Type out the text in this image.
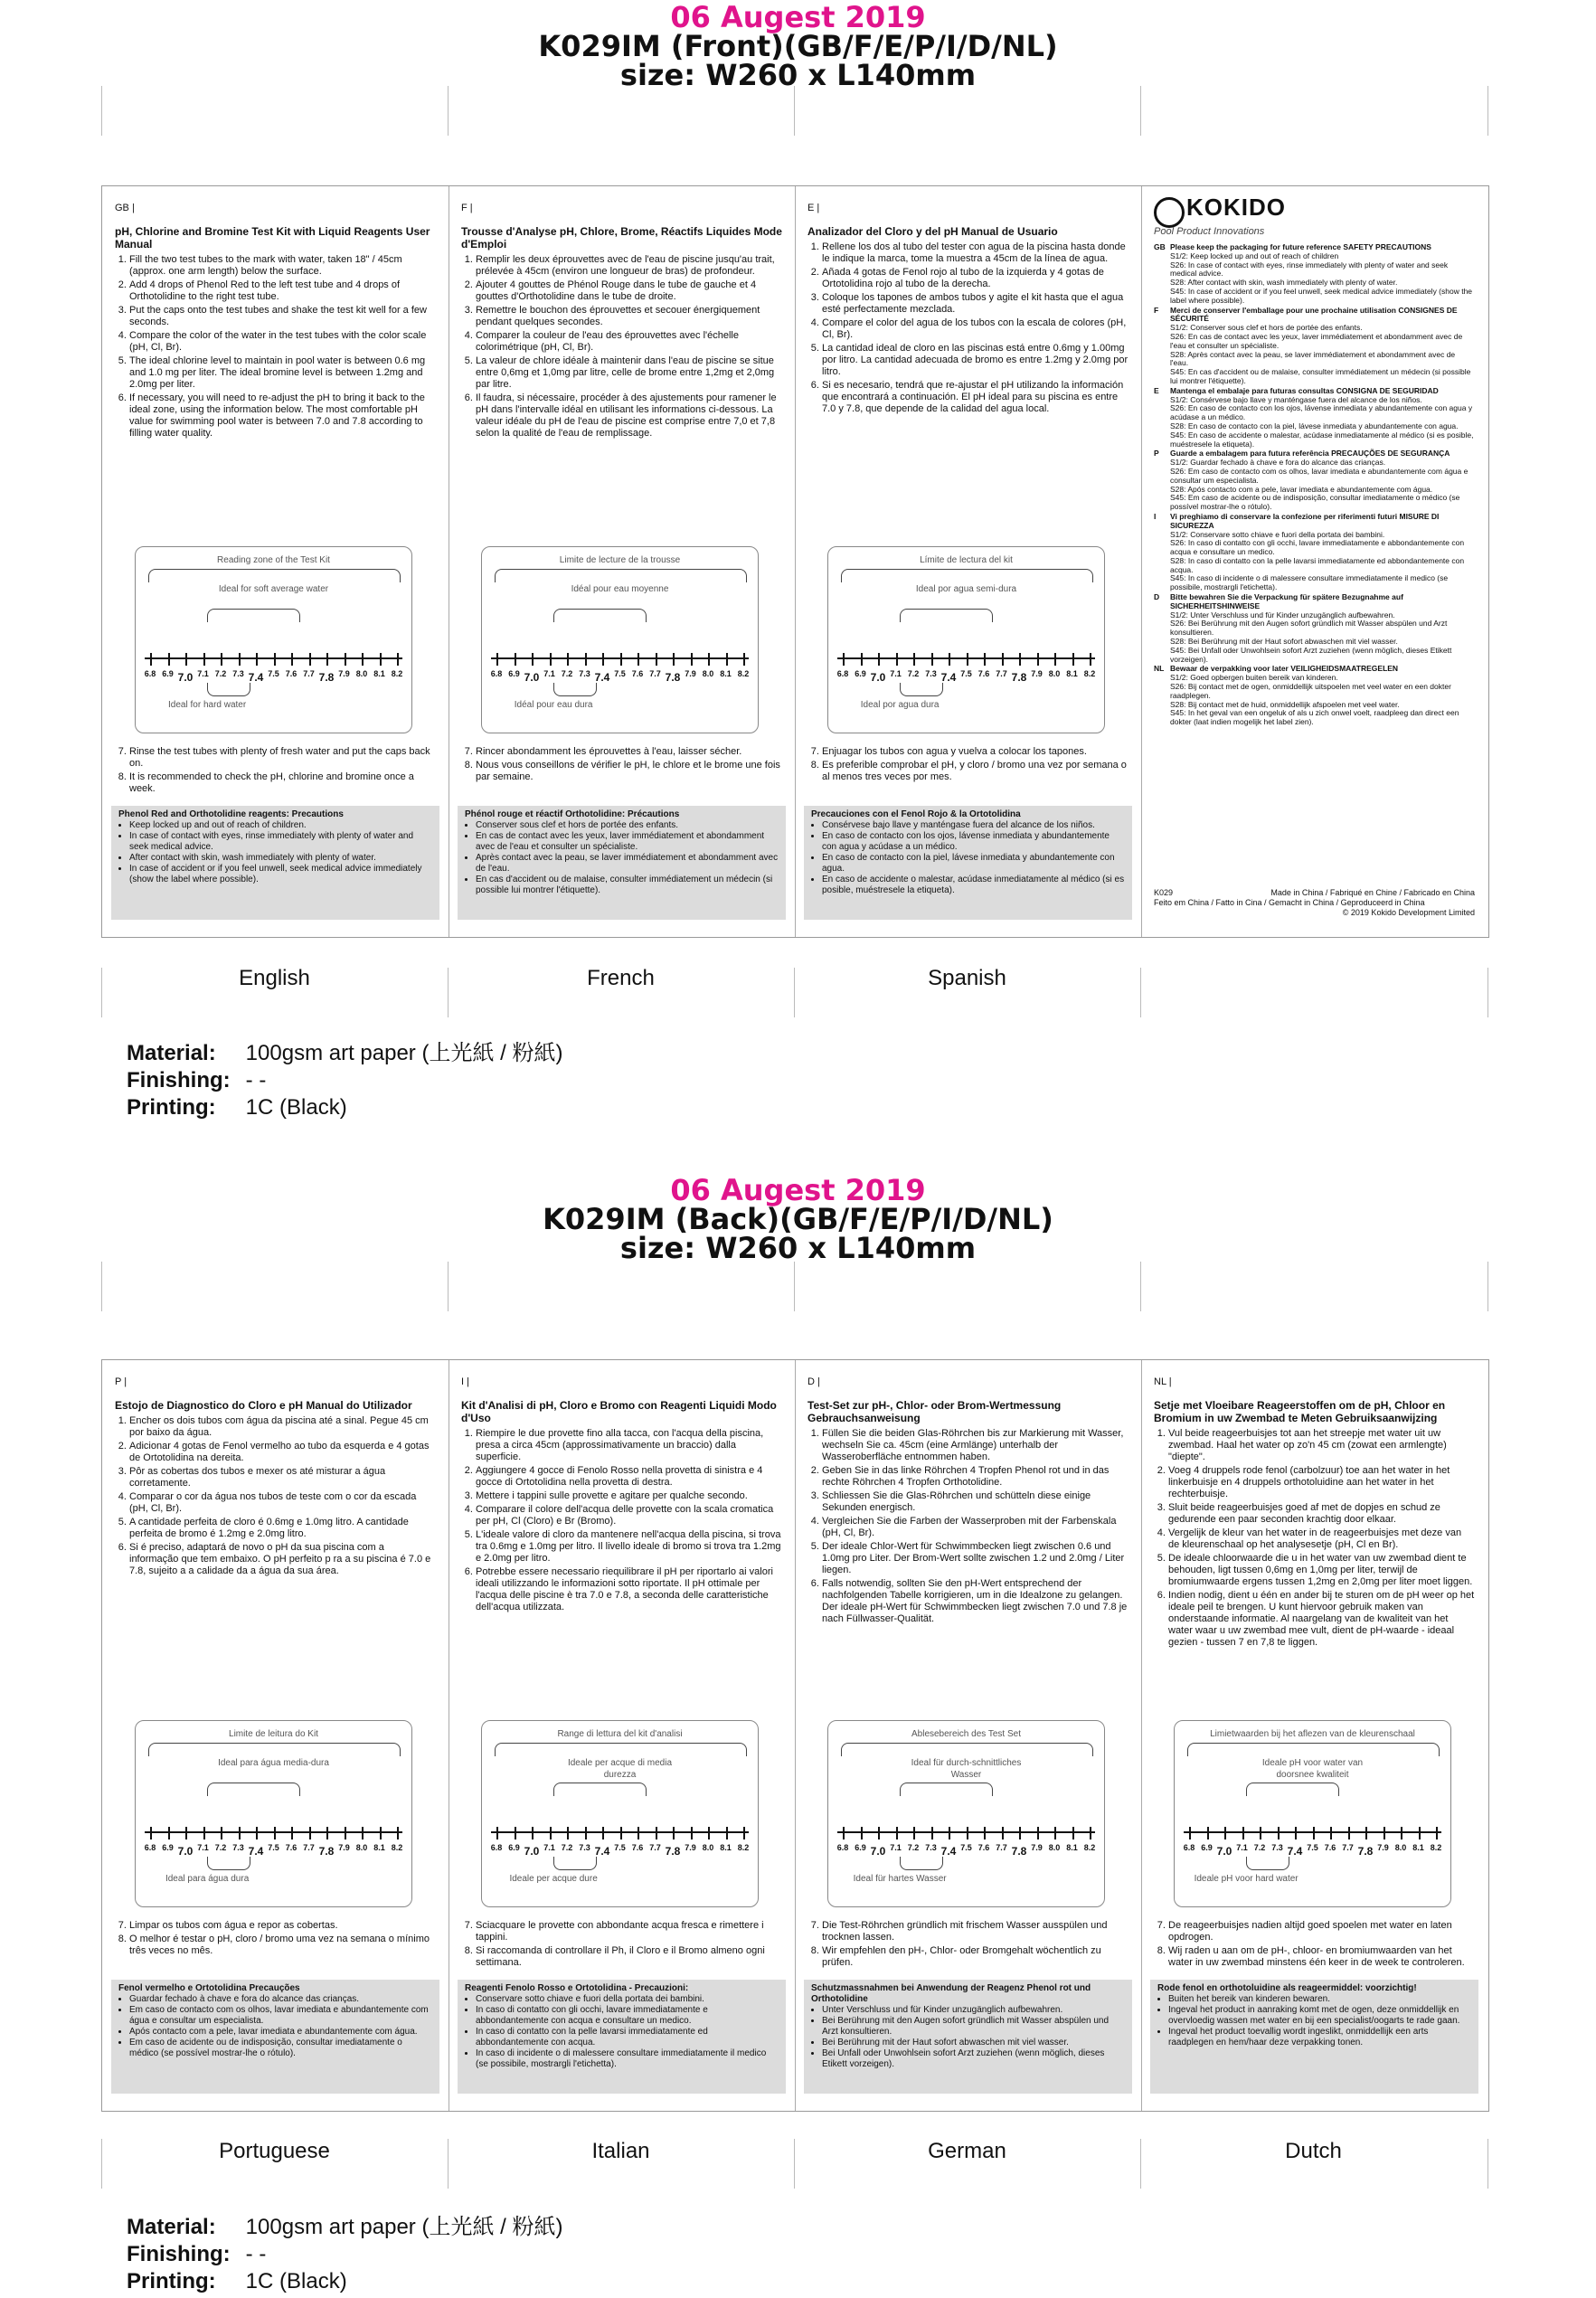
06 Augest 2019
K029IM (Front)(GB/F/E/P/I/D/NL)
size: W260 x L140mm
GB |
pH, Chlorine and Bromine Test Kit with Liquid Reagents User Manual
1. Fill the two test tubes to the mark with water, taken 18" / 45cm (approx. one arm length) below the surface.
2. Add 4 drops of Phenol Red to the left test tube and 4 drops of Orthotolidine to the right test tube.
3. Put the caps onto the test tubes and shake the test kit well for a few seconds.
4. Compare the color of the water in the test tubes with the color scale (pH, Cl, Br).
5. The ideal chlorine level to maintain in pool water is between 0.6 mg and 1.0 mg per liter. The ideal bromine level is between 1.2mg and 2.0mg per liter.
6. If necessary, you will need to re-adjust the pH to bring it back to the ideal zone, using the information below. The most comfortable pH value for swimming pool water is between 7.0 and 7.8 according to filling water quality.
Reading zone of the Test Kit
Ideal for soft average water
6.8 6.9 7.0 7.1 7.2 7.3 7.4 7.5 7.6 7.7 7.8 7.9 8.0 8.1 8.2
Ideal for hard water
7. Rinse the test tubes with plenty of fresh water and put the caps back on.
8. It is recommended to check the pH, chlorine and bromine once a week.
Phenol Red and Orthotolidine reagents: Precautions
• Keep locked up and out of reach of children.
• In case of contact with eyes, rinse immediately with plenty of water and seek medical advice.
• After contact with skin, wash immediately with plenty of water.
• In case of accident or if you feel unwell, seek medical advice immediately (show the label where possible).
F |
Trousse d'Analyse pH, Chlore, Brome, Réactifs Liquides Mode d'Emploi
1. Remplir les deux éprouvettes avec de l'eau de piscine jusqu'au trait, prélevée à 45cm (environ une longueur de bras) de profondeur.
2. Ajouter 4 gouttes de Phénol Rouge dans le tube de gauche et 4 gouttes d'Orthotolidine dans le tube de droite.
3. Remettre le bouchon des éprouvettes et secouer énergiquement pendant quelques secondes.
4. Comparer la couleur de l'eau des éprouvettes avec l'échelle colorimétrique (pH, Cl, Br).
5. La valeur de chlore idéale à maintenir dans l'eau de piscine se situe entre 0,6mg et 1,0mg par litre, celle de brome entre 1,2mg et 2,0mg par litre.
6. Il faudra, si nécessaire, procéder à des ajustements pour ramener le pH dans l'intervalle idéal en utilisant les informations ci-dessous. La valeur idéale du pH de l'eau de piscine est comprise entre 7,0 et 7,8 selon la qualité de l'eau de remplissage.
Limite de lecture de la trousse
Idéal pour eau moyenne
6.8 6.9 7.0 7.1 7.2 7.3 7.4 7.5 7.6 7.7 7.8 7.9 8.0 8.1 8.2
Idéal pour eau dura
7. Rincer abondamment les éprouvettes à l'eau, laisser sécher.
8. Nous vous conseillons de vérifier le pH, le chlore et le brome une fois par semaine.
Phénol rouge et réactif Orthotolidine: Précautions
• Conserver sous clef et hors de portée des enfants.
• En cas de contact avec les yeux, laver immédiatement et abondamment avec de l'eau et consulter un spécialiste.
• Après contact avec la peau, se laver immédiatement et abondamment avec de l'eau.
• En cas d'accident ou de malaise, consulter immédiatement un médecin (si possible lui montrer l'étiquette).
E |
Analizador del Cloro y del pH Manual de Usuario
1. Rellene los dos al tubo del tester con agua de la piscina hasta donde le indique la marca, tome la muestra a 45cm de la línea de agua.
2. Añada 4 gotas de Fenol rojo al tubo de la izquierda y 4 gotas de Ortotolidina rojo al tubo de la derecha.
3. Coloque los tapones de ambos tubos y agite el kit hasta que el agua esté perfectamente mezclada.
4. Compare el color del agua de los tubos con la escala de colores (pH, Cl, Br).
5. La cantidad ideal de cloro en las piscinas está entre 0.6mg y 1.00mg por litro. La cantidad adecuada de bromo es entre 1.2mg y 2.0mg por litro.
6. Si es necesario, tendrá que re-ajustar el pH utilizando la información que encontrará a continuación. El pH ideal para su piscina es entre 7.0 y 7.8, que depende de la calidad del agua local.
Límite de lectura del kit
Ideal por agua semi-dura
6.8 6.9 7.0 7.1 7.2 7.3 7.4 7.5 7.6 7.7 7.8 7.9 8.0 8.1 8.2
Ideal por agua dura
7. Enjuagar los tubos con agua y vuelva a colocar los tapones.
8. Es preferible comprobar el pH, y cloro / bromo una vez por semana o al menos tres veces por mes.
Precauciones con el Fenol Rojo & la Ortotolidina
• Consérvese bajo llave y manténgase fuera del alcance de los niños.
• En caso de contacto con los ojos, lávense inmediata y abundantemente con agua y acúdase a un médico.
• En caso de contacto con la piel, lávese inmediata y abundantemente con agua.
• En caso de accidente o malestar, acúdase inmediatamente al médico (si es posible, muéstresele la etiqueta).
KOKIDO
Pool Product Innovations
GB Please keep the packaging for future reference SAFETY PRECAUTIONS
S1/2: Keep locked up and out of reach of children
S26: In case of contact with eyes, rinse immediately with plenty of water and seek medical advice.
S28: After contact with skin, wash immediately with plenty of water.
S45: In case of accident or if you feel unwell, seek medical advice immediately (show the label where possible).
F	Merci de conserver l'emballage pour une prochaine utilisation CONSIGNES DE SÉCURITÉ
S1/2: Conserver sous clef et hors de portée des enfants.
S26: En cas de contact avec les yeux, laver immédiatement et abondamment avec de l'eau et consulter un spécialiste.
S28: Après contact avec la peau, se laver immédiatement et abondamment avec de l'eau.
S45: En cas d'accident ou de malaise, consulter immédiatement un médecin (si possible lui montrer l'étiquette).
E	Mantenga el embalaje para futuras consultas CONSIGNA DE SEGURIDAD
S1/2: Consérvese bajo llave y manténgase fuera del alcance de los niños.
S26: En caso de contacto con los ojos, lávense inmediata y abundantemente con agua y acúdase a un médico.
S28: En caso de contacto con la piel, lávese inmediata y abundantemente con agua.
S45: En caso de accidente o malestar, acúdase inmediatamente al médico (si es posible, muéstresele la etiqueta).
P	Guarde a embalagem para futura referência PRECAUÇÕES DE SEGURANÇA
S1/2: Guardar fechado à chave e fora do alcance das crianças.
S26: Em caso de contacto com os olhos, lavar imediata e abundantemente com água e consultar um especialista.
S28: Após contacto com a pele, lavar imediata e abundantemente com água.
S45: Em caso de acidente ou de indisposição, consultar imediatamente o médico (se possível mostrar-lhe o rótulo).
I	Vi preghiamo di conservare la confezione per riferimenti futuri MISURE DI SICUREZZA
S1/2: Conservare sotto chiave e fuori della portata dei bambini.
S26: In caso di contatto con gli occhi, lavare immediatamente e abbondantemente con acqua e consultare un medico.
S28: In caso di contatto con la pelle lavarsi immediatamente ed abbondantemente con acqua.
S45: In caso di incidente o di malessere consultare immediatamente il medico (se possibile, mostrargli l'etichetta).
D	Bitte bewahren Sie die Verpackung für spätere Bezugnahme auf SICHERHEITSHINWEISE
S1/2: Unter Verschluss und für Kinder unzugänglich aufbewahren.
S26: Bei Berührung mit den Augen sofort gründlich mit Wasser abspülen und Arzt konsultieren.
S28: Bei Berührung mit der Haut sofort abwaschen mit viel wasser.
S45: Bei Unfall oder Unwohlsein sofort Arzt zuziehen (wenn möglich, dieses Etikett vorzeigen).
NL Bewaar de verpakking voor later VEILIGHEIDSMAATREGELEN
S1/2: Goed opbergen buiten bereik van kinderen.
S26: Bij contact met de ogen, onmiddellijk uitspoelen met veel water en een dokter raadplegen.
S28: Bij contact met de huid, onmiddellijk afspoelen met veel water.
S45: In het geval van een ongeluk of als u zich onwel voelt, raadpleeg dan direct een dokter (laat indien mogelijk het label zien).
K029	Made in China / Fabriqué en Chine / Fabricado en China
Feito em China / Fatto in Cina / Gemacht in China / Geproduceerd in China
© 2019 Kokido Development Limited
English	French	Spanish
Material: 100gsm art paper (上光紙 / 粉紙)
Finishing: - -
Printing: 1C (Black)
06 Augest 2019
K029IM (Back)(GB/F/E/P/I/D/NL)
size: W260 x L140mm
P |
Estojo de Diagnostico do Cloro e pH Manual do Utilizador
1. Encher os dois tubos com água da piscina até a sinal. Pegue 45 cm por baixo da água.
2. Adicionar 4 gotas de Fenol vermelho ao tubo da esquerda e 4 gotas de Ortotolidina na dereita.
3. Pôr as cobertas dos tubos e mexer os até misturar a água corretamente.
4. Comparar o cor da água nos tubos de teste com o cor da escada (pH, Cl, Br).
5. A cantidade perfeita de cloro é 0.6mg e 1.0mg litro. A cantidade perfeita de bromo é 1.2mg e 2.0mg litro.
6. Si é preciso, adaptará de novo o pH da sua piscina com a informação que tem embaixo. O pH perfeito p ra a su piscina é 7.0 e 7.8, sujeito a a calidade da a água da sua área.
Limite de leitura do Kit
Ideal para água media-dura
6.8 6.9 7.0 7.1 7.2 7.3 7.4 7.5 7.6 7.7 7.8 7.9 8.0 8.1 8.2
Ideal para água dura
7. Limpar os tubos com água e repor as cobertas.
8. O melhor é testar o pH, cloro / bromo uma vez na semana o mínimo três veces no mês.
Fenol vermelho e Ortotolidina Precauções
• Guardar fechado à chave e fora do alcance das crianças.
• Em caso de contacto com os olhos, lavar imediata e abundantemente com água e consultar um especialista.
• Após contacto com a pele, lavar imediata e abundantemente com água.
• Em caso de acidente ou de indisposição, consultar imediatamente o médico (se possível mostrar-lhe o rótulo).
I |
Kit d'Analisi di pH, Cloro e Bromo con Reagenti Liquidi Modo d'Uso
1. Riempire le due provette fino alla tacca, con l'acqua della piscina, presa a circa 45cm (approssimativamente un braccio) dalla superficie.
2. Aggiungere 4 gocce di Fenolo Rosso nella provetta di sinistra e 4 gocce di Ortotolidina nella provetta di destra.
3. Mettere i tappini sulle provette e agitare per qualche secondo.
4. Comparare il colore dell'acqua delle provette con la scala cromatica per pH, Cl (Cloro) e Br (Bromo).
5. L'ideale valore di cloro da mantenere nell'acqua della piscina, si trova tra 0.6mg e 1.0mg per litro. Il livello ideale di bromo si trova tra 1.2mg e 2.0mg per litro.
6. Potrebbe essere necessario riequilibrare il pH per riportarlo ai valori ideali utilizzando le informazioni sotto riportate. Il pH ottimale per l'acqua delle piscine è tra 7.0 e 7.8, a seconda delle caratteristiche dell'acqua utilizzata.
Range di lettura del kit d'analisi
Ideale per acque di media durezza
6.8 6.9 7.0 7.1 7.2 7.3 7.4 7.5 7.6 7.7 7.8 7.9 8.0 8.1 8.2
Ideale per acque dure
7. Sciacquare le provette con abbondante acqua fresca e rimettere i tappini.
8. Si raccomanda di controllare il Ph, il Cloro e il Bromo almeno ogni settimana.
Reagenti Fenolo Rosso e Ortotolidina - Precauzioni:
• Conservare sotto chiave e fuori della portata dei bambini.
• In caso di contatto con gli occhi, lavare immediatamente e abbondantemente con acqua e consultare un medico.
• In caso di contatto con la pelle lavarsi immediatamente ed abbondantemente con acqua.
• In caso di incidente o di malessere consultare immediatamente il medico (se possibile, mostrargli l'etichetta).
D |
Test-Set zur pH-, Chlor- oder Brom-Wertmessung Gebrauchsanweisung
1. Füllen Sie die beiden Glas-Röhrchen bis zur Markierung mit Wasser, wechseln Sie ca. 45cm (eine Armlänge) unterhalb der Wasseroberfläche entnommen haben.
2. Geben Sie in das linke Röhrchen 4 Tropfen Phenol rot und in das rechte Röhrchen 4 Tropfen Orthotolidine.
3. Schliessen Sie die Glas-Röhrchen und schütteln diese einige Sekunden energisch.
4. Vergleichen Sie die Farben der Wasserproben mit der Farbenskala (pH, Cl, Br).
5. Der ideale Chlor-Wert für Schwimmbecken liegt zwischen 0.6 und 1.0mg pro Liter. Der Brom-Wert sollte zwischen 1.2 und 2.0mg / Liter liegen.
6. Falls notwendig, sollten Sie den pH-Wert entsprechend der nachfolgenden Tabelle korrigieren, um in die Idealzone zu gelangen. Der ideale pH-Wert für Schwimmbecken liegt zwischen 7.0 und 7.8 je nach Füllwasser-Qualität.
Ablesebereich des Test Set
Ideal für durch-schnittliches Wasser
6.8 6.9 7.0 7.1 7.2 7.3 7.4 7.5 7.6 7.7 7.8 7.9 8.0 8.1 8.2
Ideal für hartes Wasser
7. Die Test-Röhrchen gründlich mit frischem Wasser ausspülen und trocknen lassen.
8. Wir empfehlen den pH-, Chlor- oder Bromgehalt wöchentlich zu prüfen.
Schutzmassnahmen bei Anwendung der Reagenz Phenol rot und Orthotolidine
• Unter Verschluss und für Kinder unzugänglich aufbewahren.
• Bei Berührung mit den Augen sofort gründlich mit Wasser abspülen und Arzt konsultieren.
• Bei Berührung mit der Haut sofort abwaschen mit viel wasser.
• Bei Unfall oder Unwohlsein sofort Arzt zuziehen (wenn möglich, dieses Etikett vorzeigen).
NL |
Setje met Vloeibare Reageerstoffen om de pH, Chloor en Bromium in uw Zwembad te Meten Gebruiksaanwijzing
1. Vul beide reageerbuisjes tot aan het streepje met water uit uw zwembad. Haal het water op zo'n 45 cm (zowat een armlengte) "diepte".
2. Voeg 4 druppels rode fenol (carbolzuur) toe aan het water in het linkerbuisje en 4 druppels orthotoluidine aan het water in het rechterbuisje.
3. Sluit beide reageerbuisjes goed af met de dopjes en schud ze gedurende een paar seconden krachtig door elkaar.
4. Vergelijk de kleur van het water in de reageerbuisjes met deze van de kleurenschaal op het analysesetje (pH, Cl en Br).
5. De ideale chloorwaarde die u in het water van uw zwembad dient te behouden, ligt tussen 0,6mg en 1,0mg per liter, terwijl de bromiumwaarde ergens tussen 1,2mg en 2,0mg per liter moet liggen.
6. Indien nodig, dient u één en ander bij te sturen om de pH weer op het ideale peil te brengen. U kunt hiervoor gebruik maken van onderstaande informatie. Al naargelang van de kwaliteit van het water waar u uw zwembad mee vult, dient de pH-waarde - ideaal gezien - tussen 7 en 7,8 te liggen.
Limietwaarden bij het aflezen van de kleurenschaal
Ideale pH voor water van doorsnee kwaliteit
6.8 6.9 7.0 7.1 7.2 7.3 7.4 7.5 7.6 7.7 7.8 7.9 8.0 8.1 8.2
Ideale pH voor hard water
7. De reageerbuisjes nadien altijd goed spoelen met water en laten opdrogen.
8. Wij raden u aan om de pH-, chloor- en bromiumwaarden van het water in uw zwembad minstens één keer in de week te controleren.
Rode fenol en orthotoluidine als reageermiddel: voorzichtig!
• Buiten het bereik van kinderen bewaren.
• Ingeval het product in aanraking komt met de ogen, deze onmiddellijk en overvloedig wassen met water en bij een specialist/oogarts te rade gaan.
• Ingeval het product toevallig wordt ingeslikt, onmiddellijk een arts raadplegen en hem/haar deze verpakking tonen.
Portuguese	Italian	German	Dutch
Material: 100gsm art paper (上光紙 / 粉紙)
Finishing: - -
Printing: 1C (Black)
